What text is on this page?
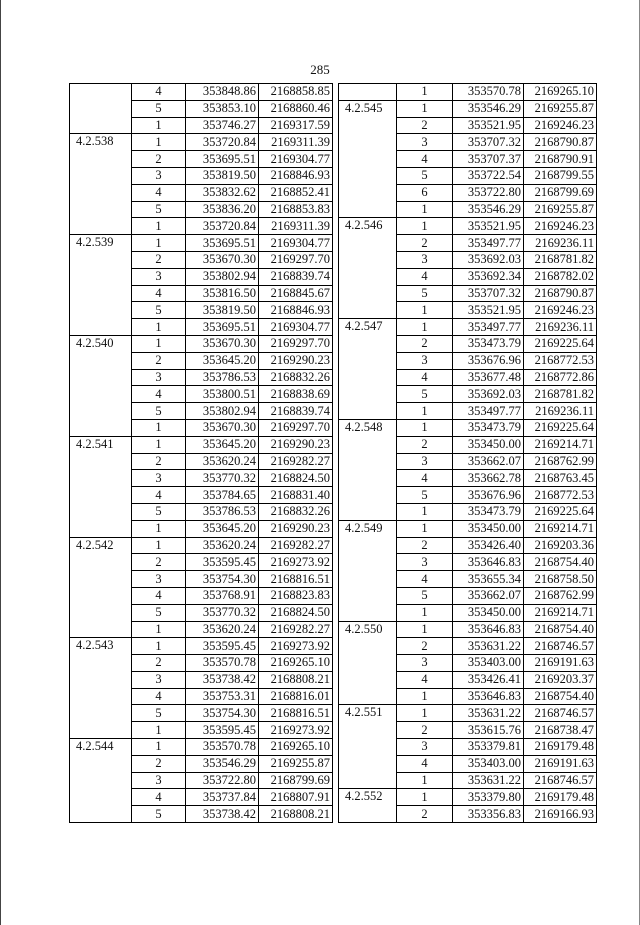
285
	4	353848.86	2168858.85
	5	353853.10	2168860.46
	1	353746.27	2169317.59
4.2.538	1	353720.84	2169311.39
	2	353695.51	2169304.77
	3	353819.50	2168846.93
	4	353832.62	2168852.41
	5	353836.20	2168853.83
	1	353720.84	2169311.39
4.2.539	1	353695.51	2169304.77
	2	353670.30	2169297.70
	3	353802.94	2168839.74
	4	353816.50	2168845.67
	5	353819.50	2168846.93
	1	353695.51	2169304.77
4.2.540	1	353670.30	2169297.70
	2	353645.20	2169290.23
	3	353786.53	2168832.26
	4	353800.51	2168838.69
	5	353802.94	2168839.74
	1	353670.30	2169297.70
4.2.541	1	353645.20	2169290.23
	2	353620.24	2169282.27
	3	353770.32	2168824.50
	4	353784.65	2168831.40
	5	353786.53	2168832.26
	1	353645.20	2169290.23
4.2.542	1	353620.24	2169282.27
	2	353595.45	2169273.92
	3	353754.30	2168816.51
	4	353768.91	2168823.83
	5	353770.32	2168824.50
	1	353620.24	2169282.27
4.2.543	1	353595.45	2169273.92
	2	353570.78	2169265.10
	3	353738.42	2168808.21
	4	353753.31	2168816.01
	5	353754.30	2168816.51
	1	353595.45	2169273.92
4.2.544	1	353570.78	2169265.10
	2	353546.29	2169255.87
	3	353722.80	2168799.69
	4	353737.84	2168807.91
	5	353738.42	2168808.21
	1	353570.78	2169265.10
4.2.545	1	353546.29	2169255.87
	2	353521.95	2169246.23
	3	353707.32	2168790.87
	4	353707.37	2168790.91
	5	353722.54	2168799.55
	6	353722.80	2168799.69
	1	353546.29	2169255.87
4.2.546	1	353521.95	2169246.23
	2	353497.77	2169236.11
	3	353692.03	2168781.82
	4	353692.34	2168782.02
	5	353707.32	2168790.87
	1	353521.95	2169246.23
4.2.547	1	353497.77	2169236.11
	2	353473.79	2169225.64
	3	353676.96	2168772.53
	4	353677.48	2168772.86
	5	353692.03	2168781.82
	1	353497.77	2169236.11
4.2.548	1	353473.79	2169225.64
	2	353450.00	2169214.71
	3	353662.07	2168762.99
	4	353662.78	2168763.45
	5	353676.96	2168772.53
	1	353473.79	2169225.64
4.2.549	1	353450.00	2169214.71
	2	353426.40	2169203.36
	3	353646.83	2168754.40
	4	353655.34	2168758.50
	5	353662.07	2168762.99
	1	353450.00	2169214.71
4.2.550	1	353646.83	2168754.40
	2	353631.22	2168746.57
	3	353403.00	2169191.63
	4	353426.41	2169203.37
	1	353646.83	2168754.40
4.2.551	1	353631.22	2168746.57
	2	353615.76	2168738.47
	3	353379.81	2169179.48
	4	353403.00	2169191.63
	1	353631.22	2168746.57
4.2.552	1	353379.80	2169179.48
	2	353356.83	2169166.93
